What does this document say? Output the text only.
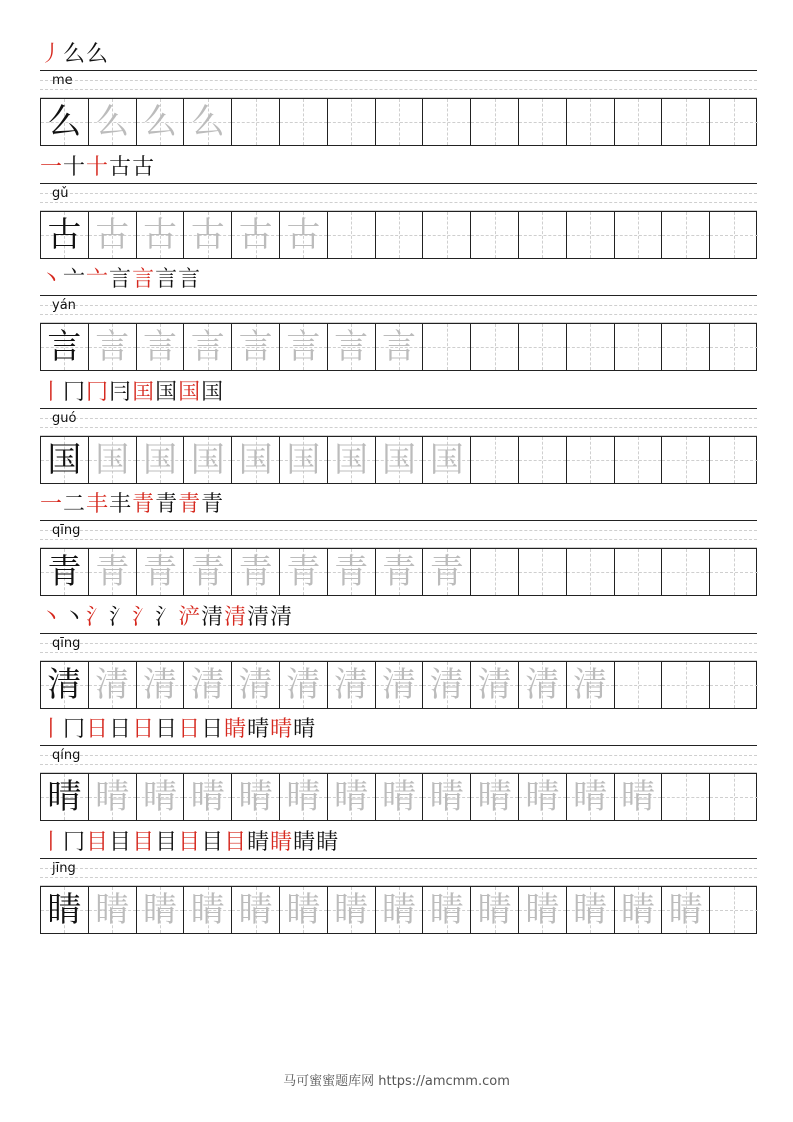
丿 么 么
me
么 么 么 么
一 十 十 古 古
gǔ
古 古 古 古 古 古
丶 亠 亠 言 言 言 言
yán
言 言 言 言 言 言 言 言
丨 冂 冂 冃 囯 国 国 国
guó
国 国 国 国 国 国 国 国 国
一 二 丰 丰 青 青 青 青
qīng
青 青 青 青 青 青 青 青 青
丶 丶 氵 氵 氵 氵 浐 清 清 清 清
qīng
清 清 清 清 清 清 清 清 清 清 清 清
丨 冂 日 日 日 日 日 日 睛 晴 晴 晴
qíng
晴 晴 晴 晴 晴 晴 晴 晴 晴 晴 晴 晴 晴
丨 冂 目 目 目 目 目 目 目 睛 睛 睛 睛
jīng
睛 睛 睛 睛 睛 睛 睛 睛 睛 睛 睛 睛 睛 睛
马可蜜蜜题库网 https://amcmm.com
